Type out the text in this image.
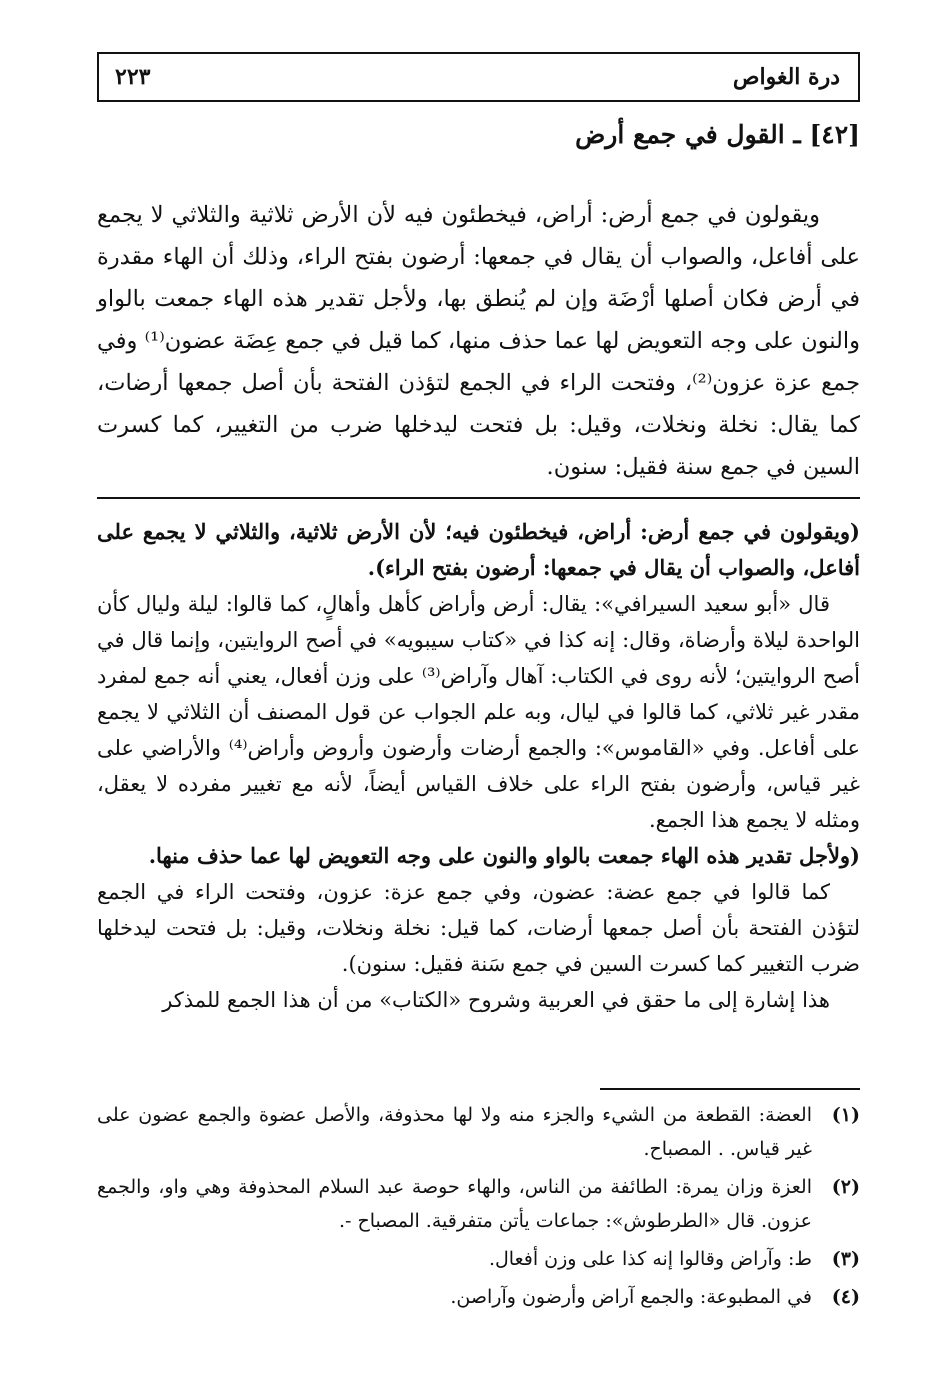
درة الغواص
٢٢٣
[٤٢] ـ القول في جمع أرض

ويقولون في جمع أرض: أراض، فيخطئون فيه لأن الأرض ثلاثية والثلاثي لا يجمع على أفاعل، والصواب أن يقال في جمعها: أرضون بفتح الراء، وذلك أن الهاء مقدرة في أرض فكان أصلها أرْضَة وإن لم يُنطق بها، ولأجل تقدير هذه الهاء جمعت بالواو والنون على وجه التعويض لها عما حذف منها، كما قيل في جمع عِضَة عضون⁽¹⁾ وفي جمع عزة عزون⁽²⁾، وفتحت الراء في الجمع لتؤذن الفتحة بأن أصل جمعها أرضات، كما يقال: نخلة ونخلات، وقيل: بل فتحت ليدخلها ضرب من التغيير، كما كسرت السين في جمع سنة فقيل: سنون.

(ويقولون في جمع أرض: أراض، فيخطئون فيه؛ لأن الأرض ثلاثية، والثلاثي لا يجمع على أفاعل، والصواب أن يقال في جمعها: أرضون بفتح الراء).

قال «أبو سعيد السيرافي»: يقال: أرض وأراض كأهل وأهالٍ، كما قالوا: ليلة وليال كأن الواحدة ليلاة وأرضاة، وقال: إنه كذا في «كتاب سيبويه» في أصح الروايتين، وإنما قال في أصح الروايتين؛ لأنه روى في الكتاب: آهال وآراض⁽³⁾ على وزن أفعال، يعني أنه جمع لمفرد مقدر غير ثلاثي، كما قالوا في ليال، وبه علم الجواب عن قول المصنف أن الثلاثي لا يجمع على أفاعل. وفي «القاموس»: والجمع أرضات وأرضون وأروض وأراض⁽⁴⁾ والأراضي على غير قياس، وأرضون بفتح الراء على خلاف القياس أيضاً، لأنه مع تغيير مفرده لا يعقل، ومثله لا يجمع هذا الجمع.

(ولأجل تقدير هذه الهاء جمعت بالواو والنون على وجه التعويض لها عما حذف منها.

كما قالوا في جمع عضة: عضون، وفي جمع عزة: عزون، وفتحت الراء في الجمع لتؤذن الفتحة بأن أصل جمعها أرضات، كما قيل: نخلة ونخلات، وقيل: بل فتحت ليدخلها ضرب التغيير كما كسرت السين في جمع سَنة فقيل: سنون).

هذا إشارة إلى ما حقق في العربية وشروح «الكتاب» من أن هذا الجمع للمذكر

(١)
العضة: القطعة من الشيء والجزء منه ولا لها محذوفة، والأصل عضوة والجمع عضون على غير قياس. . المصباح.
(٢)
العزة وزان يمرة: الطائفة من الناس، والهاء حوصة عبد السلام المحذوفة وهي واو، والجمع عزون. قال «الطرطوش»: جماعات يأتن متفرقية. المصباح -.
(٣)
ط: وآراض وقالوا إنه كذا على وزن أفعال.
(٤)
في المطبوعة: والجمع آراض وأرضون وآراصن.
